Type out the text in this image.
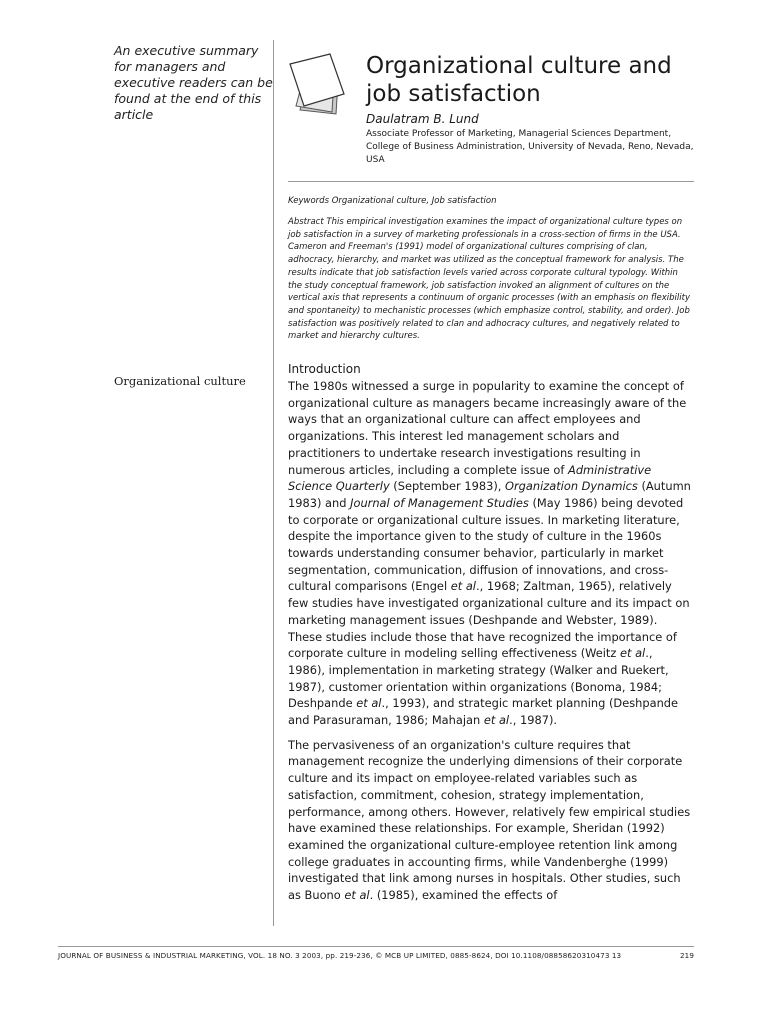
An executive summary for managers and executive readers can be found at the end of this article
Organizational culture and job satisfaction
Daulatram B. Lund
Associate Professor of Marketing, Managerial Sciences Department, College of Business Administration, University of Nevada, Reno, Nevada, USA
Keywords Organizational culture, Job satisfaction

Abstract This empirical investigation examines the impact of organizational culture types on job satisfaction in a survey of marketing professionals in a cross-section of firms in the USA. Cameron and Freeman's (1991) model of organizational cultures comprising of clan, adhocracy, hierarchy, and market was utilized as the conceptual framework for analysis. The results indicate that job satisfaction levels varied across corporate cultural typology. Within the study conceptual framework, job satisfaction invoked an alignment of cultures on the vertical axis that represents a continuum of organic processes (with an emphasis on flexibility and spontaneity) to mechanistic processes (which emphasize control, stability, and order). Job satisfaction was positively related to clan and adhocracy cultures, and negatively related to market and hierarchy cultures.

Organizational culture
Introduction

The 1980s witnessed a surge in popularity to examine the concept of organizational culture as managers became increasingly aware of the ways that an organizational culture can affect employees and organizations. This interest led management scholars and practitioners to undertake research investigations resulting in numerous articles, including a complete issue of Administrative Science Quarterly (September 1983), Organization Dynamics (Autumn 1983) and Journal of Management Studies (May 1986) being devoted to corporate or organizational culture issues. In marketing literature, despite the importance given to the study of culture in the 1960s towards understanding consumer behavior, particularly in market segmentation, communication, diffusion of innovations, and cross-cultural comparisons (Engel et al., 1968; Zaltman, 1965), relatively few studies have investigated organizational culture and its impact on marketing management issues (Deshpande and Webster, 1989). These studies include those that have recognized the importance of corporate culture in modeling selling effectiveness (Weitz et al., 1986), implementation in marketing strategy (Walker and Ruekert, 1987), customer orientation within organizations (Bonoma, 1984; Deshpande et al., 1993), and strategic market planning (Deshpande and Parasuraman, 1986; Mahajan et al., 1987).

The pervasiveness of an organization's culture requires that management recognize the underlying dimensions of their corporate culture and its impact on employee-related variables such as satisfaction, commitment, cohesion, strategy implementation, performance, among others. However, relatively few empirical studies have examined these relationships. For example, Sheridan (1992) examined the organizational culture-employee retention link among college graduates in accounting firms, while Vandenberghe (1999) investigated that link among nurses in hospitals. Other studies, such as Buono et al. (1985), examined the effects of

JOURNAL OF BUSINESS & INDUSTRIAL MARKETING, VOL. 18 NO. 3 2003, pp. 219-236, © MCB UP LIMITED, 0885-8624, DOI 10.1108/08858620310473 13	219
